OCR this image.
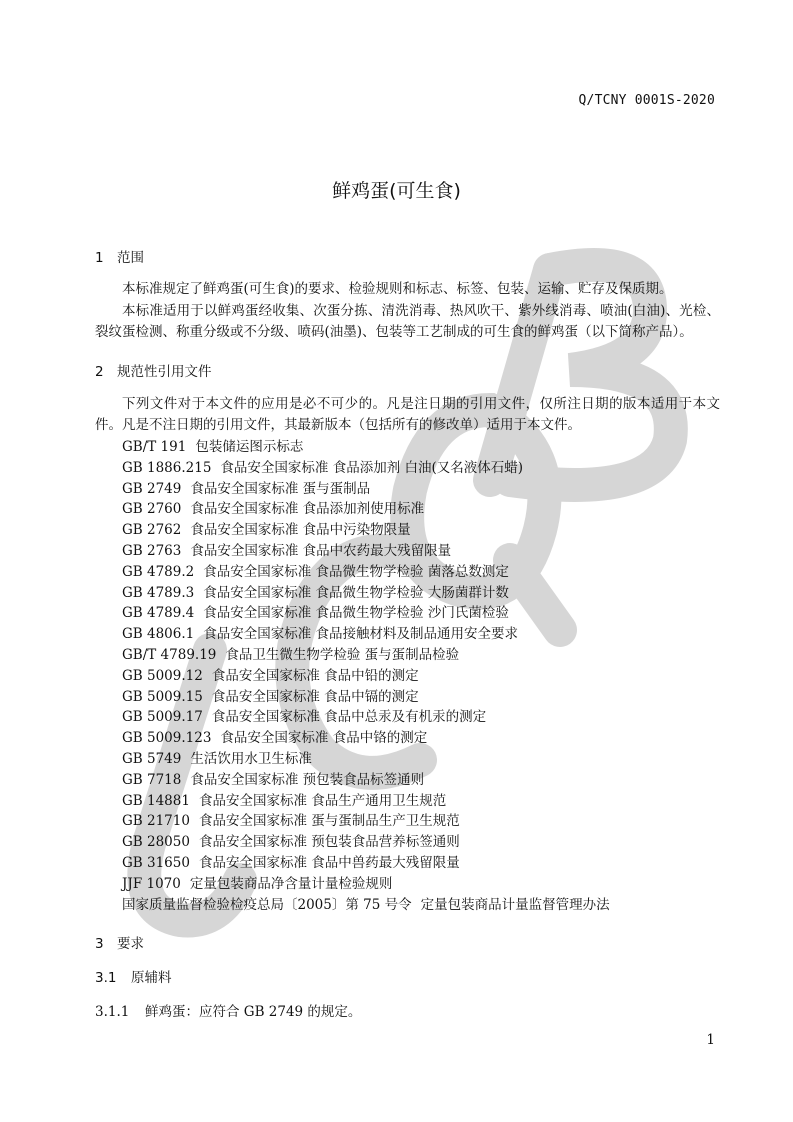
Q/TCNY 0001S-2020
鲜鸡蛋(可生食)
1 范围
本标准规定了鲜鸡蛋(可生食)的要求、检验规则和标志、标签、包装、运输、贮存及保质期。
本标准适用于以鲜鸡蛋经收集、次蛋分拣、清洗消毒、热风吹干、紫外线消毒、喷油(白油)、光检、裂纹蛋检测、称重分级或不分级、喷码(油墨)、包装等工艺制成的可生食的鲜鸡蛋（以下简称产品）。
2 规范性引用文件
下列文件对于本文件的应用是必不可少的。凡是注日期的引用文件，仅所注日期的版本适用于本文件。凡是不注日期的引用文件，其最新版本（包括所有的修改单）适用于本文件。
GB/T 191 包装储运图示标志
GB 1886.215 食品安全国家标准 食品添加剂 白油(又名液体石蜡)
GB 2749 食品安全国家标准 蛋与蛋制品
GB 2760 食品安全国家标准 食品添加剂使用标准
GB 2762 食品安全国家标准 食品中污染物限量
GB 2763 食品安全国家标准 食品中农药最大残留限量
GB 4789.2 食品安全国家标准 食品微生物学检验 菌落总数测定
GB 4789.3 食品安全国家标准 食品微生物学检验 大肠菌群计数
GB 4789.4 食品安全国家标准 食品微生物学检验 沙门氏菌检验
GB 4806.1 食品安全国家标准 食品接触材料及制品通用安全要求
GB/T 4789.19 食品卫生微生物学检验 蛋与蛋制品检验
GB 5009.12 食品安全国家标准 食品中铅的测定
GB 5009.15 食品安全国家标准 食品中镉的测定
GB 5009.17 食品安全国家标准 食品中总汞及有机汞的测定
GB 5009.123 食品安全国家标准 食品中铬的测定
GB 5749 生活饮用水卫生标准
GB 7718 食品安全国家标准 预包装食品标签通则
GB 14881 食品安全国家标准 食品生产通用卫生规范
GB 21710 食品安全国家标准 蛋与蛋制品生产卫生规范
GB 28050 食品安全国家标准 预包装食品营养标签通则
GB 31650 食品安全国家标准 食品中兽药最大残留限量
JJF 1070 定量包装商品净含量计量检验规则
国家质量监督检验检疫总局〔2005〕第 75 号令 定量包装商品计量监督管理办法
3 要求
3.1 原辅料
3.1.1 鲜鸡蛋：应符合 GB 2749 的规定。
1
